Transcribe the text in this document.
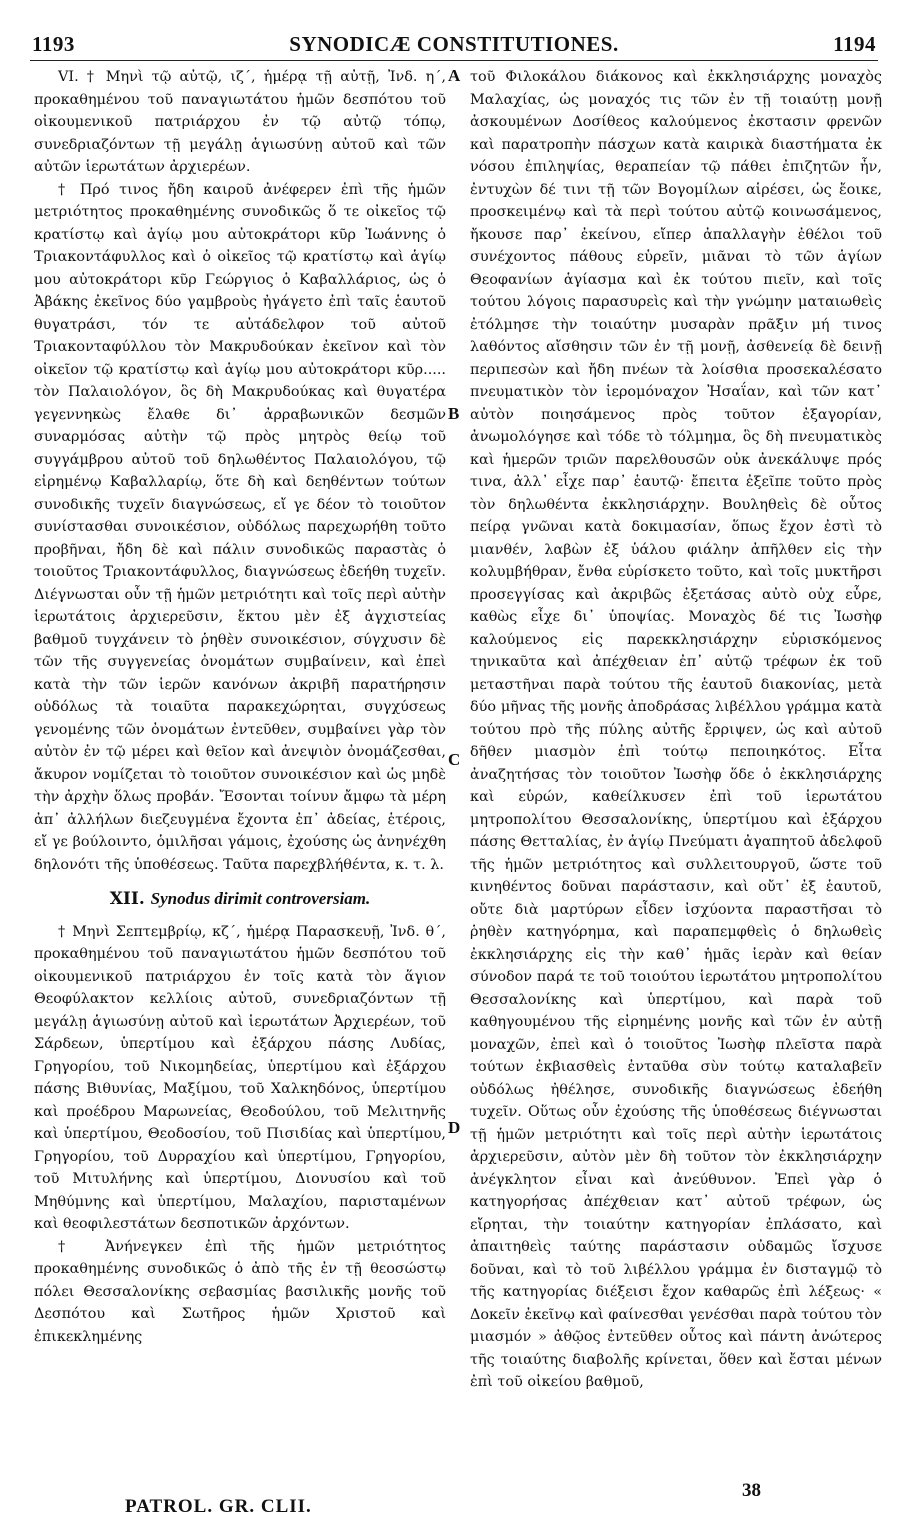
1193	SYNODICÆ CONSTITUTIONES.	1194

VI. † Μηνὶ τῷ αὐτῷ, ιζ΄, ἡμέρᾳ τῇ αὐτῇ, Ἰνδ. η΄, προκαθημένου τοῦ παναγιωτάτου ἡμῶν δεσπότου τοῦ οἰκουμενικοῦ πατριάρχου ἐν τῷ αὐτῷ τόπῳ, συνεδριαζόντων τῇ μεγάλῃ ἁγιωσύνῃ αὐτοῦ καὶ τῶν αὐτῶν ἱερωτάτων ἀρχιερέων.

† Πρό τινος ἤδη καιροῦ ἀνέφερεν ἐπὶ τῆς ἡμῶν μετριότητος προκαθημένης συνοδικῶς ὅ τε οἰκεῖος τῷ κρατίστῳ καὶ ἁγίῳ μου αὐτοκράτορι κῦρ Ἰωάννης ὁ Τριακοντάφυλλος καὶ ὁ οἰκεῖος τῷ κρατίστῳ καὶ ἁγίῳ μου αὐτοκράτορι κῦρ Γεώργιος ὁ Καβαλλάριος, ὡς ὁ Ἀβάκης ἐκεῖνος δύο γαμβροὺς ἠγάγετο ἐπὶ ταῖς ἑαυτοῦ θυγατράσι, τόν τε αὐτάδελφον τοῦ αὐτοῦ Τριακονταφύλλου τὸν Μακρυδούκαν ἐκεῖνον καὶ τὸν οἰκεῖον τῷ κρατίστῳ καὶ ἁγίῳ μου αὐτοκράτορι κῦρ..... τὸν Παλαιολόγον, ὃς δὴ Μακρυδούκας καὶ θυγατέρα γεγεννηκὼς ἔλαθε δι᾽ ἀρραβωνικῶν δεσμῶν συναρμόσας αὐτὴν τῷ πρὸς μητρὸς θείῳ τοῦ συγγάμβρου αὐτοῦ τοῦ δηλωθέντος Παλαιολόγου, τῷ εἰρημένῳ Καβαλλαρίῳ, ὅτε δὴ καὶ δεηθέντων τούτων συνοδικῆς τυχεῖν διαγνώσεως, εἴ γε δέον τὸ τοιοῦτον συνίστασθαι συνοικέσιον, οὐδόλως παρεχωρήθη τοῦτο προβῆναι, ἤδη δὲ καὶ πάλιν συνοδικῶς παραστὰς ὁ τοιοῦτος Τριακοντάφυλλος, διαγνώσεως ἐδεήθη τυχεῖν. Διέγνωσται οὖν τῇ ἡμῶν μετριότητι καὶ τοῖς περὶ αὐτὴν ἱερωτάτοις ἀρχιερεῦσιν, ἕκτου μὲν ἐξ ἀγχιστείας βαθμοῦ τυγχάνειν τὸ ῥηθὲν συνοικέσιον, σύγχυσιν δὲ τῶν τῆς συγγενείας ὀνομάτων συμβαίνειν, καὶ ἐπεὶ κατὰ τὴν τῶν ἱερῶν κανόνων ἀκριβῆ παρατήρησιν οὐδόλως τὰ τοιαῦτα παρακεχώρηται, συγχύσεως γενομένης τῶν ὀνομάτων ἐντεῦθεν, συμβαίνει γὰρ τὸν αὐτὸν ἐν τῷ μέρει καὶ θεῖον καὶ ἀνεψιὸν ὀνομάζεσθαι, ἄκυρον νομίζεται τὸ τοιοῦτον συνοικέσιον καὶ ὡς μηδὲ τὴν ἀρχὴν ὅλως προβάν. Ἔσονται τοίνυν ἄμφω τὰ μέρη ἀπ᾽ ἀλλήλων διεζευγμένα ἔχοντα ἐπ᾽ ἀδείας, ἑτέροις, εἴ γε βούλοιντο, ὁμιλῆσαι γάμοις, ἐχούσης ὡς ἀνηνέχθη δηλονότι τῆς ὑποθέσεως. Ταῦτα παρεχβλήθέντα, κ. τ. λ.

XII. Synodus dirimit controversiam.

† Μηνὶ Σεπτεμβρίῳ, κζ΄, ἡμέρᾳ Παρασκευῇ, Ἰνδ. θ΄, προκαθημένου τοῦ παναγιωτάτου ἡμῶν δεσπότου τοῦ οἰκουμενικοῦ πατριάρχου ἐν τοῖς κατὰ τὸν ἅγιον Θεοφύλακτον κελλίοις αὐτοῦ, συνεδριαζόντων τῇ μεγάλῃ ἁγιωσύνῃ αὐτοῦ καὶ ἱερωτάτων Ἀρχιερέων, τοῦ Σάρδεων, ὑπερτίμου καὶ ἐξάρχου πάσης Λυδίας, Γρηγορίου, τοῦ Νικομηδείας, ὑπερτίμου καὶ ἐξάρχου πάσης Βιθυνίας, Μαξίμου, τοῦ Χαλκηδόνος, ὑπερτίμου καὶ προέδρου Μαρωνείας, Θεοδούλου, τοῦ Μελιτηνῆς καὶ ὑπερτίμου, Θεοδοσίου, τοῦ Πισιδίας καὶ ὑπερτίμου, Γρηγορίου, τοῦ Δυρραχίου καὶ ὑπερτίμου, Γρηγορίου, τοῦ Μιτυλήνης καὶ ὑπερτίμου, Διονυσίου καὶ τοῦ Μηθύμνης καὶ ὑπερτίμου, Μαλαχίου, παρισταμένων καὶ θεοφιλεστάτων δεσποτικῶν ἀρχόντων.

† Ἀνήνεγκεν ἐπὶ τῆς ἡμῶν μετριότητος προκαθημένης συνοδικῶς ὁ ἀπὸ τῆς ἐν τῇ θεοσώστῳ πόλει Θεσσαλονίκης σεβασμίας βασιλικῆς μονῆς τοῦ Δεσπότου καὶ Σωτῆρος ἡμῶν Χριστοῦ καὶ ἐπικεκλημένης

A
B
C
D

τοῦ Φιλοκάλου διάκονος καὶ ἐκκλησιάρχης μοναχὸς Μαλαχίας, ὡς μοναχός τις τῶν ἐν τῇ τοιαύτῃ μονῇ ἀσκουμένων Δοσίθεος καλούμενος ἐκστασιν φρενῶν καὶ παρατροπὴν πάσχων κατὰ καιρικὰ διαστήματα ἐκ νόσου ἐπιληψίας, θεραπείαν τῷ πάθει ἐπιζητῶν ἦν, ἐντυχὼν δέ τινι τῇ τῶν Βογομίλων αἱρέσει, ὡς ἔοικε, προσκειμένῳ καὶ τὰ περὶ τούτου αὐτῷ κοινωσάμενος, ἤκουσε παρ᾽ ἐκείνου, εἴπερ ἀπαλλαγὴν ἐθέλοι τοῦ συνέχοντος πάθους εὑρεῖν, μιᾶναι τὸ τῶν ἁγίων Θεοφανίων ἁγίασμα καὶ ἐκ τούτου πιεῖν, καὶ τοῖς τούτου λόγοις παρασυρεὶς καὶ τὴν γνώμην ματαιωθεὶς ἐτόλμησε τὴν τοιαύτην μυσαρὰν πρᾶξιν μή τινος λαθόντος αἴσθησιν τῶν ἐν τῇ μονῇ, ἀσθενείᾳ δὲ δεινῇ περιπεσὼν καὶ ἤδη πνέων τὰ λοίσθια προσεκαλέσατο πνευματικὸν τὸν ἱερομόναχον Ἠσαΐαν, καὶ τῶν κατ᾽ αὐτὸν ποιησάμενος πρὸς τοῦτον ἐξαγορίαν, ἀνωμολόγησε καὶ τόδε τὸ τόλμημα, ὃς δὴ πνευματικὸς καὶ ἡμερῶν τριῶν παρελθουσῶν οὐκ ἀνεκάλυψε πρός τινα, ἀλλ᾽ εἶχε παρ᾽ ἑαυτῷ· ἔπειτα ἐξεῖπε τοῦτο πρὸς τὸν δηλωθέντα ἐκκλησιάρχην. Βουληθεὶς δὲ οὗτος πείρᾳ γνῶναι κατὰ δοκιμασίαν, ὅπως ἔχον ἐστὶ τὸ μιανθέν, λαβὼν ἐξ ὑάλου φιάλην ἀπῆλθεν εἰς τὴν κολυμβήθραν, ἔνθα εὑρίσκετο τοῦτο, καὶ τοῖς μυκτῆρσι προσεγγίσας καὶ ἀκριβῶς ἐξετάσας αὐτὸ οὐχ εὗρε, καθὼς εἶχε δι᾽ ὑποψίας. Μοναχὸς δέ τις Ἰωσὴφ καλούμενος εἰς παρεκκλησιάρχην εὑρισκόμενος τηνικαῦτα καὶ ἀπέχθειαν ἐπ᾽ αὐτῷ τρέφων ἐκ τοῦ μεταστῆναι παρὰ τούτου τῆς ἑαυτοῦ διακονίας, μετὰ δύο μῆνας τῆς μονῆς ἀποδράσας λιβέλλου γράμμα κατὰ τούτου πρὸ τῆς πύλης αὐτῆς ἔρριψεν, ὡς καὶ αὐτοῦ δῆθεν μιασμὸν ἐπὶ τούτῳ πεποιηκότος. Εἶτα ἀναζητήσας τὸν τοιοῦτον Ἰωσὴφ ὅδε ὁ ἐκκλησιάρχης καὶ εὑρών, καθείλκυσεν ἐπὶ τοῦ ἱερωτάτου μητροπολίτου Θεσσαλονίκης, ὑπερτίμου καὶ ἐξάρχου πάσης Θετταλίας, ἐν ἁγίῳ Πνεύματι ἀγαπητοῦ ἀδελφοῦ τῆς ἡμῶν μετριότητος καὶ συλλειτουργοῦ, ὥστε τοῦ κινηθέντος δοῦναι παράστασιν, καὶ οὔτ᾽ ἐξ ἑαυτοῦ, οὔτε διὰ μαρτύρων εἶδεν ἰσχύοντα παραστῆσαι τὸ ῥηθὲν κατηγόρημα, καὶ παραπεμφθεὶς ὁ δηλωθεὶς ἐκκλησιάρχης εἰς τὴν καθ᾽ ἡμᾶς ἱερὰν καὶ θείαν σύνοδον παρά τε τοῦ τοιούτου ἱερωτάτου μητροπολίτου Θεσσαλονίκης καὶ ὑπερτίμου, καὶ παρὰ τοῦ καθηγουμένου τῆς εἰρημένης μονῆς καὶ τῶν ἐν αὐτῇ μοναχῶν, ἐπεὶ καὶ ὁ τοιοῦτος Ἰωσὴφ πλεῖστα παρὰ τούτων ἐκβιασθεὶς ἐνταῦθα σὺν τούτῳ καταλαβεῖν οὐδόλως ἠθέλησε, συνοδικῆς διαγνώσεως ἐδεήθη τυχεῖν. Οὕτως οὖν ἐχούσης τῆς ὑποθέσεως διέγνωσται τῇ ἡμῶν μετριότητι καὶ τοῖς περὶ αὐτὴν ἱερωτάτοις ἀρχιερεῦσιν, αὐτὸν μὲν δὴ τοῦτον τὸν ἐκκλησιάρχην ἀνέγκλητον εἶναι καὶ ἀνεύθυνον. Ἐπεὶ γὰρ ὁ κατηγορήσας ἀπέχθειαν κατ᾽ αὐτοῦ τρέφων, ὡς εἴρηται, τὴν τοιαύτην κατηγορίαν ἐπλάσατο, καὶ ἀπαιτηθεὶς ταύτης παράστασιν οὐδαμῶς ἴσχυσε δοῦναι, καὶ τὸ τοῦ λιβέλλου γράμμα ἐν δισταγμῷ τὸ τῆς κατηγορίας διέξεισι ἔχον καθαρῶς ἐπὶ λέξεως· « Δοκεῖν ἐκεῖνῳ καὶ φαίνεσθαι γενέσθαι παρὰ τούτου τὸν μιασμόν » ἀθῷος ἐντεῦθεν οὗτος καὶ πάντη ἀνώτερος τῆς τοιαύτης διαβολῆς κρίνεται, ὅθεν καὶ ἔσται μένων ἐπὶ τοῦ οἰκείου βαθμοῦ,

PATROL. GR. CLII.
38
